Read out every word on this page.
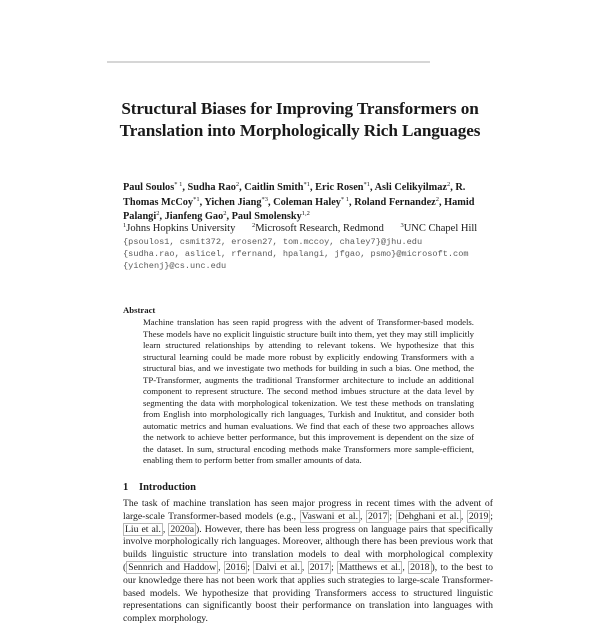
Structural Biases for Improving Transformers on
Translation into Morphologically Rich Languages
Paul Soulos$^{* 1}$, Sudha Rao$^2$, Caitlin Smith$^{*1}$, Eric Rosen$^{*1}$, Asli Celikyilmaz$^2$, R. Thomas McCoy$^{*1}$, Yichen Jiang$^{*3}$, Coleman Haley$^{* 1}$, Roland Fernandez$^2$, Hamid Palangi$^2$, Jianfeng Gao$^2$, Paul Smolensky$^{1,2}$
$^1$Johns Hopkins University	$^2$Microsoft Research, Redmond	$^3$UNC Chapel Hill
{psoulos1, csmit372, erosen27, tom.mccoy, chaley7}@jhu.edu
{sudha.rao, aslicel, rfernand, hpalangi, jfgao, psmo}@microsoft.com
{yichenj}@cs.unc.edu
Abstract
Machine translation has seen rapid progress with the advent of Transformer-based models. These models have no explicit linguistic structure built into them, yet they may still implicitly learn structured relationships by attending to relevant tokens. We hypothesize that this structural learning could be made more robust by explicitly endowing Transformers with a structural bias, and we investigate two methods for building in such a bias. One method, the TP-Transformer, augments the traditional Transformer architecture to include an additional component to represent structure. The second method imbues structure at the data level by segmenting the data with morphological tokenization. We test these methods on translating from English into morphologically rich languages, Turkish and Inuktitut, and consider both automatic metrics and human evaluations. We find that each of these two approaches allows the network to achieve better performance, but this improvement is dependent on the size of the dataset. In sum, structural encoding methods make Transformers more sample-efficient, enabling them to perform better from smaller amounts of data.
1 Introduction
The task of machine translation has seen major progress in recent times with the advent of large-scale Transformer-based models (e.g., Vaswani et al. , 2017 ; Dehghani et al. , 2019 ; Liu et al. , 2020a ). However, there has been less progress on language pairs that specifically involve morphologically rich languages. Moreover, although there has been previous work that builds linguistic structure into translation models to deal with morphological complexity ( Sennrich and Haddow , 2016 ; Dalvi et al. , 2017 ; Matthews et al. , 2018 ), to the best to our knowledge there has not been work that applies such strategies to large-scale Transformer-based models. We hypothesize that providing Transformers access to structured linguistic representations can significantly boost their performance on translation into languages with complex morphology.
